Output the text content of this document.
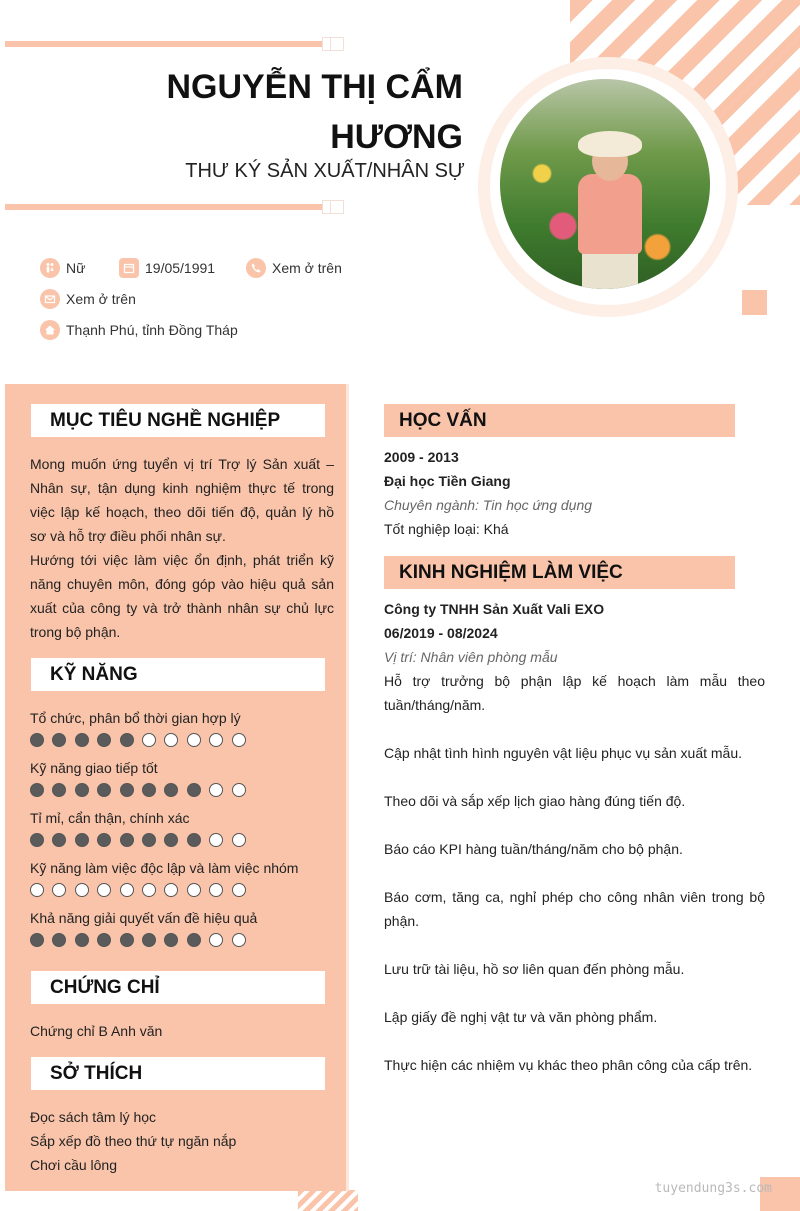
NGUYỄN THỊ CẨM
HƯƠNG
THƯ KÝ SẢN XUẤT/NHÂN SỰ
Nữ	19/05/1991	Xem ở trên
Xem ở trên
Thạnh Phú, tỉnh Đồng Tháp
MỤC TIÊU NGHỀ NGHIỆP
Mong muốn ứng tuyển vị trí Trợ lý Sản xuất – Nhân sự, tận dụng kinh nghiệm thực tế trong việc lập kế hoạch, theo dõi tiến độ, quản lý hồ sơ và hỗ trợ điều phối nhân sự.
Hướng tới việc làm việc ổn định, phát triển kỹ năng chuyên môn, đóng góp vào hiệu quả sản xuất của công ty và trở thành nhân sự chủ lực trong bộ phận.
KỸ NĂNG
Tổ chức, phân bổ thời gian hợp lý
Kỹ năng giao tiếp tốt
Tỉ mỉ, cẩn thận, chính xác
Kỹ năng làm việc độc lập và làm việc nhóm
Khả năng giải quyết vấn đề hiệu quả
CHỨNG CHỈ
Chứng chỉ B Anh văn
SỞ THÍCH
Đọc sách tâm lý học
Sắp xếp đồ theo thứ tự ngăn nắp
Chơi cầu lông
HỌC VẤN
2009 - 2013
Đại học Tiền Giang
Chuyên ngành: Tin học ứng dụng
Tốt nghiệp loại: Khá
KINH NGHIỆM LÀM VIỆC
Công ty TNHH Sản Xuất Vali EXO
06/2019 - 08/2024
Vị trí: Nhân viên phòng mẫu
Hỗ trợ trưởng bộ phận lập kế hoạch làm mẫu theo tuần/tháng/năm.
Cập nhật tình hình nguyên vật liệu phục vụ sản xuất mẫu.
Theo dõi và sắp xếp lịch giao hàng đúng tiến độ.
Báo cáo KPI hàng tuần/tháng/năm cho bộ phận.
Báo cơm, tăng ca, nghỉ phép cho công nhân viên trong bộ phận.
Lưu trữ tài liệu, hồ sơ liên quan đến phòng mẫu.
Lập giấy đề nghị vật tư và văn phòng phẩm.
Thực hiện các nhiệm vụ khác theo phân công của cấp trên.
tuyendung3s.com
